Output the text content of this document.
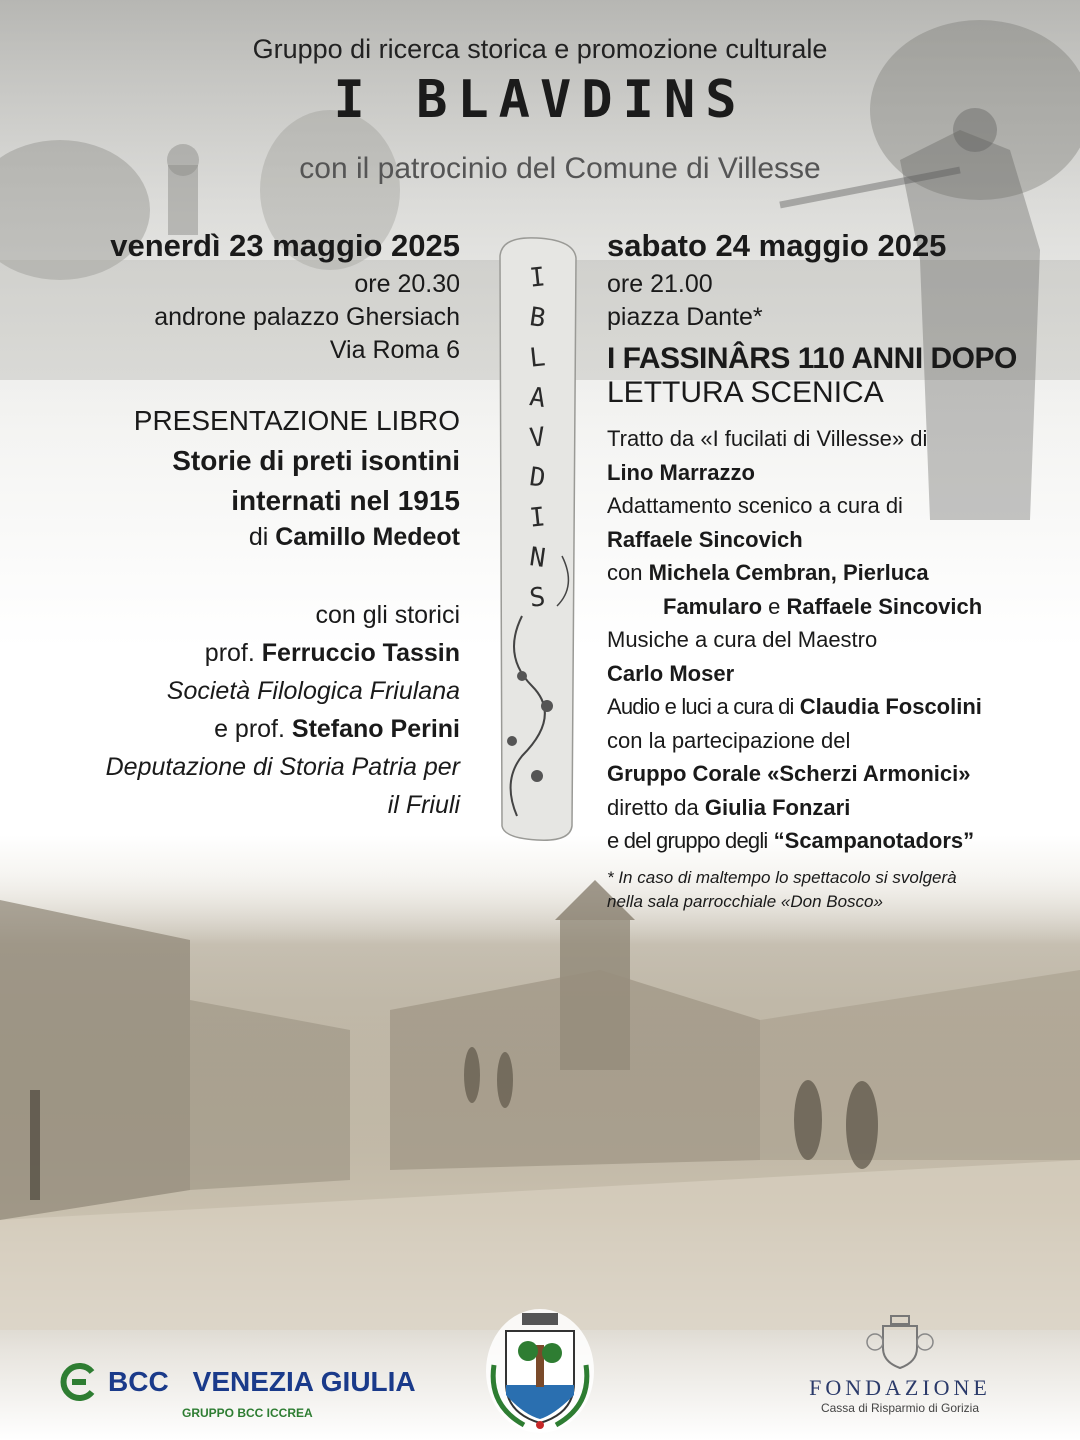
Gruppo di ricerca storica e promozione culturale
I BLAVDINS
con il patrocinio del Comune di Villesse
venerdì 23 maggio 2025
ore 20.30
androne palazzo Ghersiach
Via Roma 6
PRESENTAZIONE LIBRO
Storie di preti isontini
internati nel 1915
di Camillo Medeot
con gli storici
prof. Ferruccio Tassin
Società Filologica Friulana
e prof. Stefano Perini
Deputazione di Storia Patria per
il Friuli
I
B
L
A
V
D
I
N
S
sabato 24 maggio 2025
ore 21.00
piazza Dante*
I FASSINÂRS 110 ANNI DOPO
LETTURA SCENICA
Tratto da «I fucilati di Villesse» di
Lino Marrazzo
Adattamento scenico a cura di
Raffaele Sincovich
con Michela Cembran, Pierluca
Famularo e Raffaele Sincovich
Musiche a cura del Maestro
Carlo Moser
Audio e luci a cura di Claudia Foscolini
con la partecipazione del
Gruppo Corale «Scherzi Armonici»
diretto da Giulia Fonzari
e del gruppo degli “Scampanotadors”
* In caso di maltempo lo spettacolo si svolgerà
nella sala parrocchiale «Don Bosco»
BCC VENEZIA GIULIA
GRUPPO BCC ICCREA
FONDAZIONE
Cassa di Risparmio di Gorizia
